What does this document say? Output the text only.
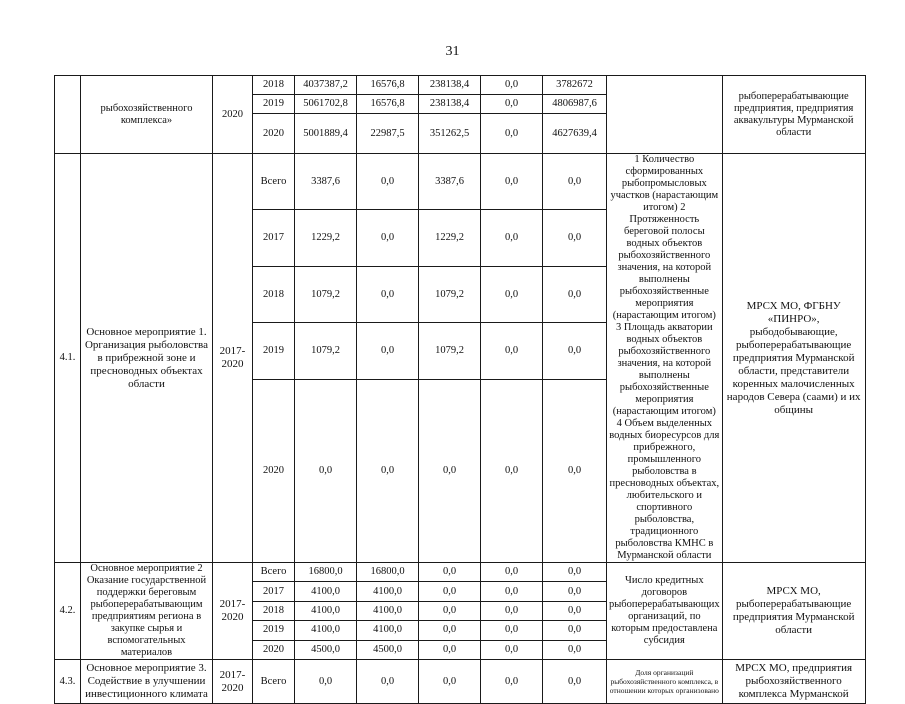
31
	рыбохозяйственного комплекса»	2020	2018	4037387,2	16576,8	238138,4	0,0	3782672		рыбоперерабатывающие предприятия, предприятия аквакультуры Мурманской области
			2019	5061702,8	16576,8	238138,4	0,0	4806987,6		
			2020	5001889,4	22987,5	351262,5	0,0	4627639,4		
4.1.	Основное мероприятие 1. Организация рыболовства в прибрежной зоне и пресноводных объектах области	2017-2020	Всего	3387,6	0,0	3387,6	0,0	0,0	1 Количество сформированных рыбопромысловых участков (нарастающим итогом) 2 Протяженность береговой полосы водных объектов рыбохозяйственного значения, на которой выполнены рыбохозяйственные мероприятия (нарастающим итогом) 3 Площадь акватории водных объектов рыбохозяйственного значения, на которой выполнены рыбохозяйственные мероприятия (нарастающим итогом) 4 Объем выделенных водных биоресурсов для прибрежного, промышленного рыболовства в пресноводных объектах, любительского и спортивного рыболовства, традиционного рыболовства КМНС в Мурманской области	МРСХ МО, ФГБНУ «ПИНРО», рыбодобывающие, рыбоперерабатывающие предприятия Мурманской области, представители коренных малочисленных народов Севера (саами) и их общины
			2017	1229,2	0,0	1229,2	0,0	0,0		
			2018	1079,2	0,0	1079,2	0,0	0,0		
			2019	1079,2	0,0	1079,2	0,0	0,0		
			2020	0,0	0,0	0,0	0,0	0,0		
4.2.	Основное мероприятие 2 Оказание государственной поддержки береговым рыбоперерабатывающим предприятиям региона в закупке сырья и вспомогательных материалов	2017-2020	Всего	16800,0	16800,0	0,0	0,0	0,0	Число кредитных договоров рыбоперерабатывающих организаций, по которым предоставлена субсидия	МРСХ МО, рыбоперерабатывающие предприятия Мурманской области
			2017	4100,0	4100,0	0,0	0,0	0,0		
			2018	4100,0	4100,0	0,0	0,0	0,0		
			2019	4100,0	4100,0	0,0	0,0	0,0		
			2020	4500,0	4500,0	0,0	0,0	0,0		
4.3.	Основное мероприятие 3. Содействие в улучшении инвестиционного климата	2017-2020	Всего	0,0	0,0	0,0	0,0	0,0	Доля организаций рыбохозяйственного комплекса, в отношении которых организовано	МРСХ МО, предприятия рыбохозяйственного комплекса Мурманской
